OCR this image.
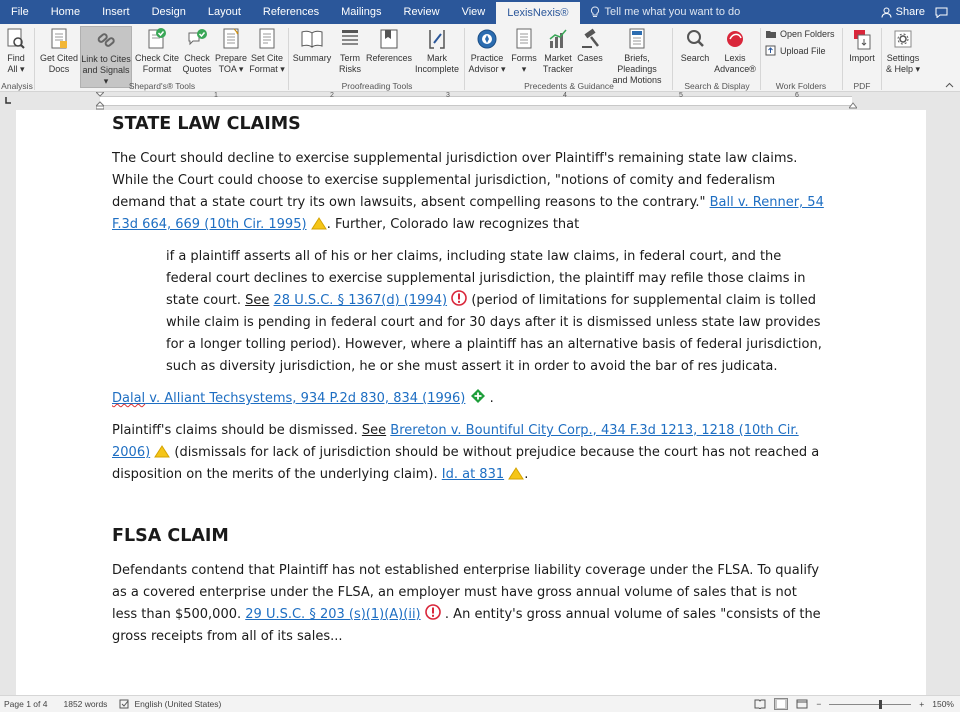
File	Home	Insert	Design	Layout	References	Mailings	Review	View	LexisNexis®	Tell me what you want to do	Share
Find
All ▾
Analysis
Get Cited
Docs
Link to Cites
and Signals ▾
Check Cite
Format
Check
Quotes
Prepare
TOA ▾
Set Cite
Format ▾
Shepard's® Tools
Summary Term
Risks
References Mark
Incomplete
Proofreading Tools
Practice
Advisor ▾
Forms
▾
Market
Tracker
Cases	Briefs, Pleadings
and Motions
Precedents & Guidance
Search Lexis
Advance®
Search & Display
Open Folders
Upload File
Work Folders
Import
PDF
Settings
& Help ▾
1	2	3	4	5	6
STATE LAW CLAIMS
The Court should decline to exercise supplemental jurisdiction over Plaintiff's remaining state law claims. While the Court could choose to exercise supplemental jurisdiction, "notions of comity and federalism demand that a state court try its own lawsuits, absent compelling reasons to the contrary." Ball v. Renner, 54 F.3d 664, 669 (10th Cir. 1995) . Further, Colorado law recognizes that
if a plaintiff asserts all of his or her claims, including state law claims, in federal court, and the federal court declines to exercise supplemental jurisdiction, the plaintiff may refile those claims in state court. See 28 U.S.C. § 1367(d) (1994)  (period of limitations for supplemental claim is tolled while claim is pending in federal court and for 30 days after it is dismissed unless state law provides for a longer tolling period). However, where a plaintiff has an alternative basis of federal jurisdiction, such as diversity jurisdiction, he or she must assert it in order to avoid the bar of res judicata.
Dalal v. Alliant Techsystems, 934 P.2d 830, 834 (1996)  .
Plaintiff's claims should be dismissed. See Brereton v. Bountiful City Corp., 434 F.3d 1213, 1218 (10th Cir. 2006)  (dismissals for lack of jurisdiction should be without prejudice because the court has not reached a disposition on the merits of the underlying claim). Id. at 831 .
FLSA CLAIM
Defendants contend that Plaintiff has not established enterprise liability coverage under the FLSA. To qualify as a covered enterprise under the FLSA, an employer must have gross annual volume of sales that is not less than $500,000. 29 U.S.C. § 203 (s)(1)(A)(ii)  . An entity's gross annual volume of sales "consists of the gross receipts from all of its sales...
Page 1 of 4 1852 words	English (United States)	−	+ 150%
